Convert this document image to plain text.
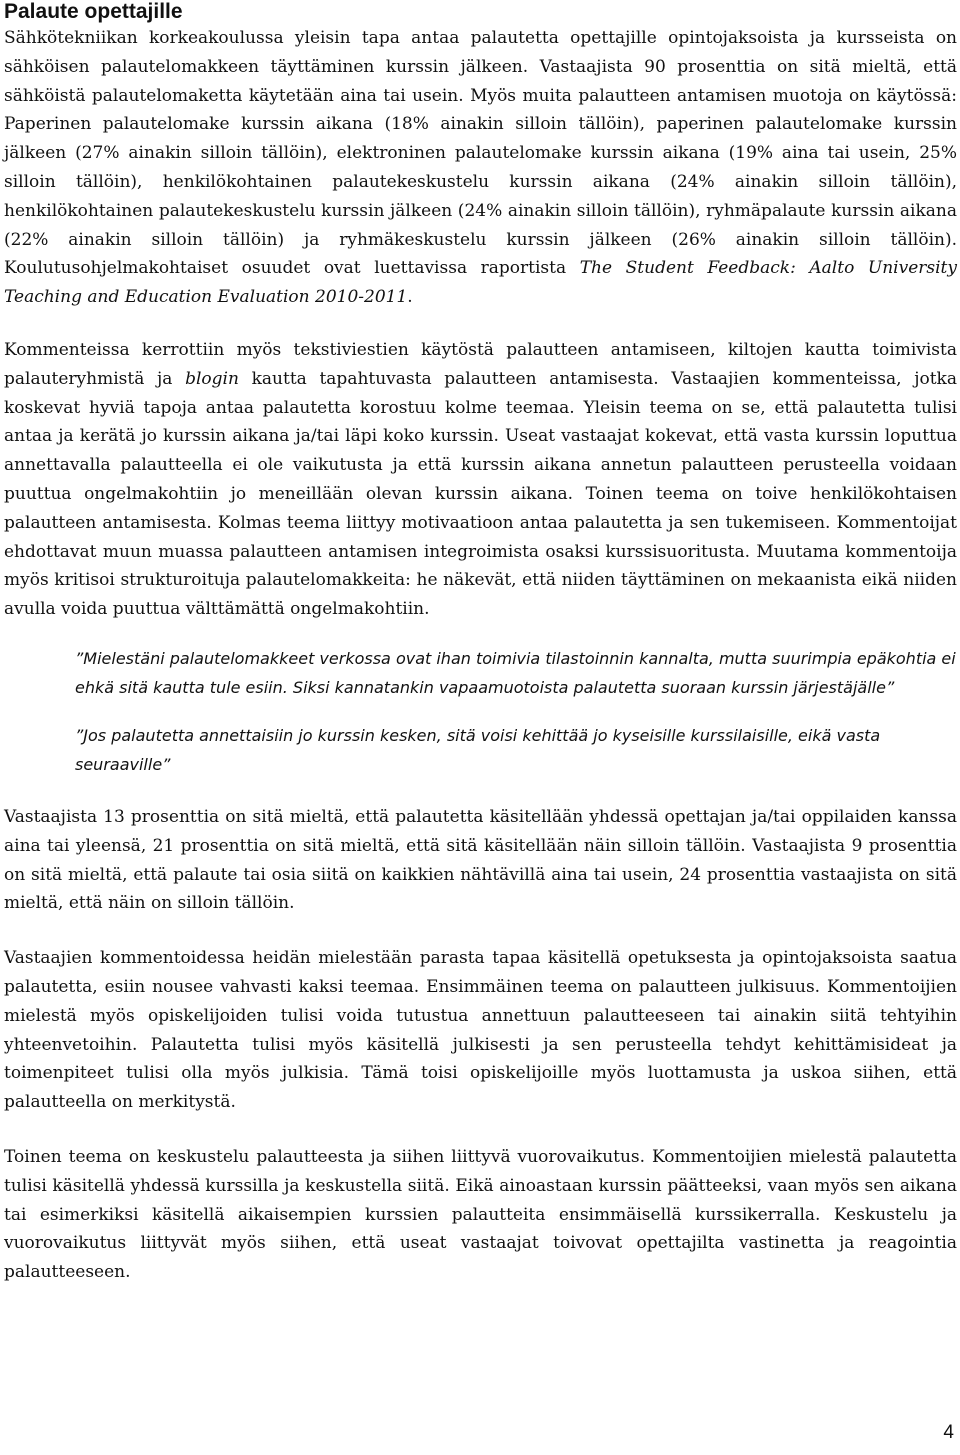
Palaute opettajille
Sähkötekniikan korkeakoulussa yleisin tapa antaa palautetta opettajille opintojaksoista ja kursseista on sähköisen palautelomakkeen täyttäminen kurssin jälkeen. Vastaajista 90 prosenttia on sitä mieltä, että sähköistä palautelomaketta käytetään aina tai usein. Myös muita palautteen antamisen muotoja on käytössä: Paperinen palautelomake kurssin aikana (18% ainakin silloin tällöin), paperinen palautelomake kurssin jälkeen (27% ainakin silloin tällöin), elektroninen palautelomake kurssin aikana (19% aina tai usein, 25% silloin tällöin), henkilökohtainen palautekeskustelu kurssin aikana (24% ainakin silloin tällöin), henkilökohtainen palautekeskustelu kurssin jälkeen (24% ainakin silloin tällöin), ryhmäpalaute kurssin aikana (22% ainakin silloin tällöin) ja ryhmäkeskustelu kurssin jälkeen (26% ainakin silloin tällöin). Koulutusohjelmakohtaiset osuudet ovat luettavissa raportista The Student Feedback: Aalto University Teaching and Education Evaluation 2010-2011.

Kommenteissa kerrottiin myös tekstiviestien käytöstä palautteen antamiseen, kiltojen kautta toimivista palauteryhmistä ja blogin kautta tapahtuvasta palautteen antamisesta. Vastaajien kommenteissa, jotka koskevat hyviä tapoja antaa palautetta korostuu kolme teemaa. Yleisin teema on se, että palautetta tulisi antaa ja kerätä jo kurssin aikana ja/tai läpi koko kurssin. Useat vastaajat kokevat, että vasta kurssin loputtua annettavalla palautteella ei ole vaikutusta ja että kurssin aikana annetun palautteen perusteella voidaan puuttua ongelmakohtiin jo meneillään olevan kurssin aikana. Toinen teema on toive henkilökohtaisen palautteen antamisesta. Kolmas teema liittyy motivaatioon antaa palautetta ja sen tukemiseen. Kommentoijat ehdottavat muun muassa palautteen antamisen integroimista osaksi kurssisuoritusta. Muutama kommentoija myös kritisoi strukturoituja palautelomakkeita: he näkevät, että niiden täyttäminen on mekaanista eikä niiden avulla voida puuttua välttämättä ongelmakohtiin.

”Mielestäni palautelomakkeet verkossa ovat ihan toimivia tilastoinnin kannalta, mutta suurimpia epäkohtia ei ehkä sitä kautta tule esiin. Siksi kannatankin vapaamuotoista palautetta suoraan kurssin järjestäjälle”

”Jos palautetta annettaisiin jo kurssin kesken, sitä voisi kehittää jo kyseisille kurssilaisille, eikä vasta seuraaville”

Vastaajista 13 prosenttia on sitä mieltä, että palautetta käsitellään yhdessä opettajan ja/tai oppilaiden kanssa aina tai yleensä, 21 prosenttia on sitä mieltä, että sitä käsitellään näin silloin tällöin. Vastaajista 9 prosenttia on sitä mieltä, että palaute tai osia siitä on kaikkien nähtävillä aina tai usein, 24 prosenttia vastaajista on sitä mieltä, että näin on silloin tällöin.

Vastaajien kommentoidessa heidän mielestään parasta tapaa käsitellä opetuksesta ja opintojaksoista saatua palautetta, esiin nousee vahvasti kaksi teemaa. Ensimmäinen teema on palautteen julkisuus. Kommentoijien mielestä myös opiskelijoiden tulisi voida tutustua annettuun palautteeseen tai ainakin siitä tehtyihin yhteenvetoihin. Palautetta tulisi myös käsitellä julkisesti ja sen perusteella tehdyt kehittämisideat ja toimenpiteet tulisi olla myös julkisia. Tämä toisi opiskelijoille myös luottamusta ja uskoa siihen, että palautteella on merkitystä.

Toinen teema on keskustelu palautteesta ja siihen liittyvä vuorovaikutus. Kommentoijien mielestä palautetta tulisi käsitellä yhdessä kurssilla ja keskustella siitä. Eikä ainoastaan kurssin päätteeksi, vaan myös sen aikana tai esimerkiksi käsitellä aikaisempien kurssien palautteita ensimmäisellä kurssikerralla. Keskustelu ja vuorovaikutus liittyvät myös siihen, että useat vastaajat toivovat opettajilta vastinetta ja reagointia palautteeseen.

4
